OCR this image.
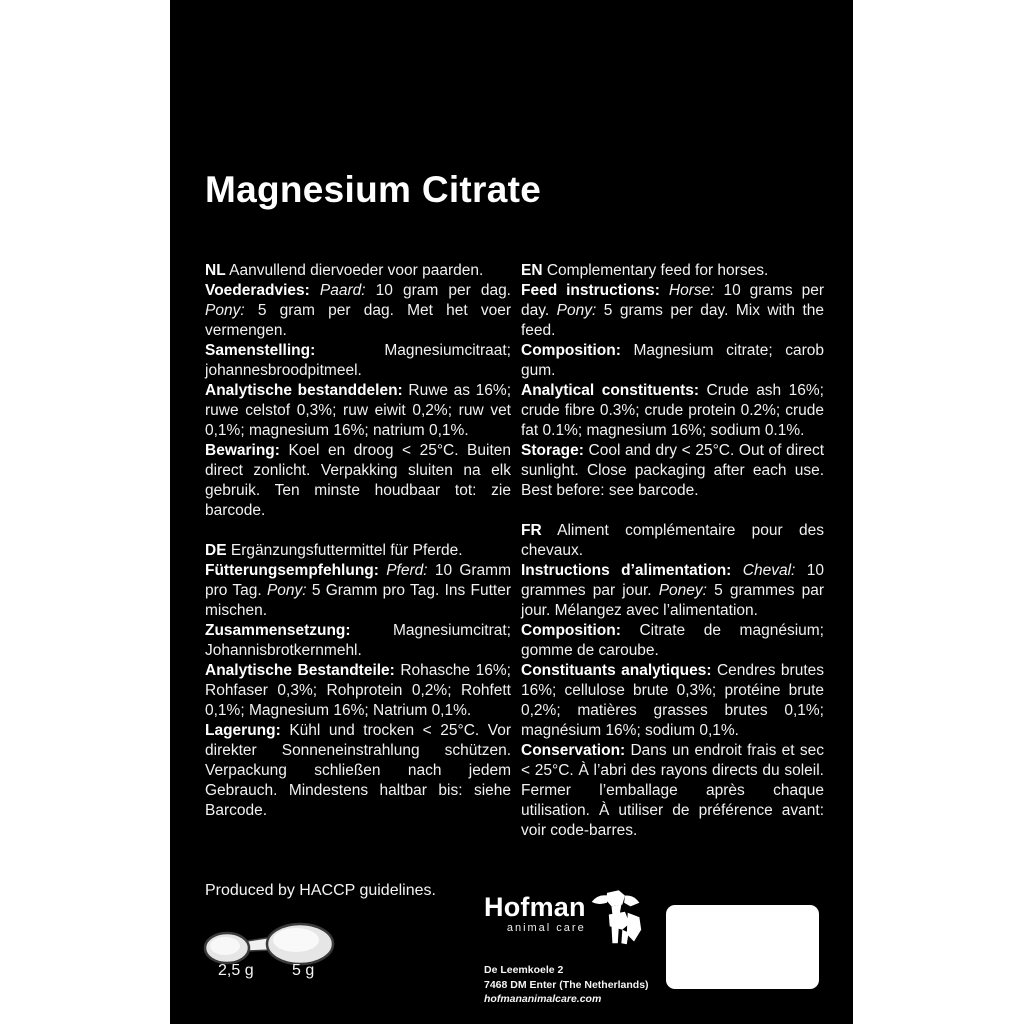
Magnesium Citrate

NL Aanvullend diervoeder voor paarden.

Voederadvies: Paard: 10 gram per dag. Pony: 5 gram per dag. Met het voer vermengen.

Samenstelling: Magnesiumcitraat; johannesbroodpitmeel.

Analytische bestanddelen: Ruwe as 16%; ruwe celstof 0,3%; ruw eiwit 0,2%; ruw vet 0,1%; magnesium 16%; natrium 0,1%.

Bewaring: Koel en droog < 25°C. Buiten direct zonlicht. Verpakking sluiten na elk gebruik. Ten minste houdbaar tot: zie barcode.

DE Ergänzungsfuttermittel für Pferde.

Fütterungsempfehlung: Pferd: 10 Gramm pro Tag. Pony: 5 Gramm pro Tag. Ins Futter mischen.

Zusammensetzung: Magnesiumcitrat; Johannisbrotkernmehl.

Analytische Bestandteile: Rohasche 16%; Rohfaser 0,3%; Rohprotein 0,2%; Rohfett 0,1%; Magnesium 16%; Natrium 0,1%.

Lagerung: Kühl und trocken < 25°C. Vor direkter Sonneneinstrahlung schützen. Verpackung schließen nach jedem Gebrauch. Mindestens haltbar bis: siehe Barcode.

EN Complementary feed for horses.

Feed instructions: Horse: 10 grams per day. Pony: 5 grams per day. Mix with the feed.

Composition: Magnesium citrate; carob gum.

Analytical constituents: Crude ash 16%; crude fibre 0.3%; crude protein 0.2%; crude fat 0.1%; magnesium 16%; sodium 0.1%.

Storage: Cool and dry < 25°C. Out of direct sunlight. Close packaging after each use. Best before: see barcode.

FR Aliment complémentaire pour des chevaux.

Instructions d’alimentation: Cheval: 10 grammes par jour. Poney: 5 grammes par jour. Mélangez avec l’alimentation.

Composition: Citrate de magnésium; gomme de caroube.

Constituants analytiques: Cendres brutes 16%; cellulose brute 0,3%; protéine brute 0,2%; matières grasses brutes 0,1%; magnésium 16%; sodium 0,1%.

Conservation: Dans un endroit frais et sec < 25°C. À l’abri des rayons directs du soleil. Fermer l’emballage après chaque utilisation. À utiliser de préférence avant: voir code-barres.

Produced by HACCP guidelines.
2,5 g 5 g
Hofman
animal care
De Leemkoele 2
7468 DM Enter (The Netherlands)
hofmananimalcare.com
